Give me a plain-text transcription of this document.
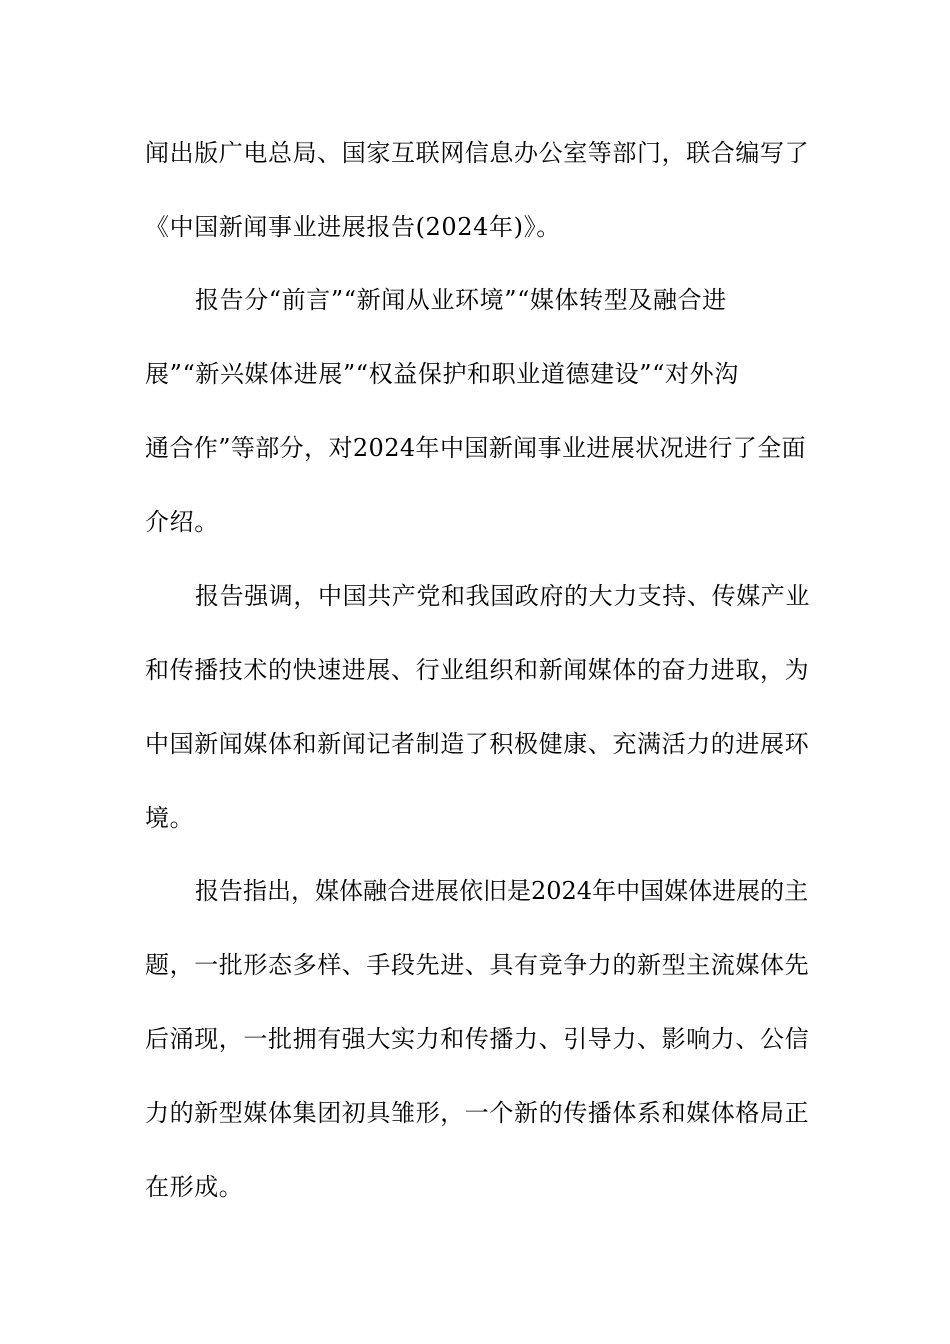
闻出版广电总局、国家互联网信息办公室等部门，联合编写了
《中国新闻事业进展报告(2024年)》。
报告分“前言”“新闻从业环境”“媒体转型及融合进
展”“新兴媒体进展”“权益保护和职业道德建设”“对外沟
通合作”等部分，对2024年中国新闻事业进展状况进行了全面
介绍。
报告强调，中国共产党和我国政府的大力支持、传媒产业
和传播技术的快速进展、行业组织和新闻媒体的奋力进取，为
中国新闻媒体和新闻记者制造了积极健康、充满活力的进展环
境。
报告指出，媒体融合进展依旧是2024年中国媒体进展的主
题，一批形态多样、手段先进、具有竞争力的新型主流媒体先
后涌现，一批拥有强大实力和传播力、引导力、影响力、公信
力的新型媒体集团初具雏形，一个新的传播体系和媒体格局正
在形成。
